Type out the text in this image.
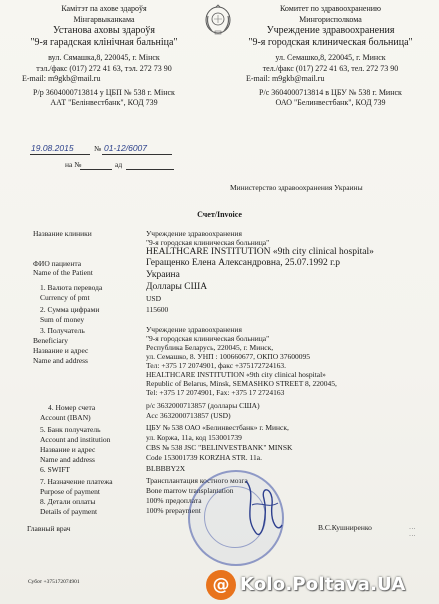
Камітэт па ахове здароўя
Мінгарвыканкама
Установа аховы здароўя
"9-я гарадская клінічная бальніца"
вул. Сямашка,8, 220045, г. Мінск
тэл./факс (017) 272 41 63, тэл. 272 73 90
E-mail: m9gkb@mail.ru
Р/р 3604000713814 у ЦБП № 538 г. Мінск
ААТ "Белінвестбанк", КОД 739
Комитет по здравоохранению
Мингорисполкома
Учреждение здравоохранения
"9-я городская клиническая больница"
ул. Семашко,8, 220045, г. Минск
тел./факс (017) 272 41 63, тел. 272 73 90
E-mail: m9gkb@mail.ru
Р/с 3604000713814 в ЦБУ № 538 г. Минск
ОАО "Белинвестбанк", КОД 739
19.08.2015	№ 01-12/6007
на №	ад
Министерство здравоохранения Украины
Счет/Invoice
Название клиники	Учреждение здравоохранения
"9-я городская клиническая больница"
HEALTHCARE INSTITUTION «9th city clinical hospital»
ФИО пациента
Name of the Patient
Геращенко Елена Александровна, 25.07.1992 г.р
Украина
1. Валюта перевода
Currency of pmt
Доллары США
USD
2. Сумма цифрами
Sum of money
115600
3. Получатель
Beneficiary
Название и адрес
Name and address
Учреждение здравоохранения
"9-я городская клиническая больница"
Республика Беларусь, 220045, г. Минск,
ул. Семашко, 8. УНП : 100660677, ОКПО 37600095
Тел: +375 17 2074901, факс +375172724163.
HEALTHCARE INSTITUTION «9th city clinical hospital»
Republic of Belarus, Minsk, SEMASHKO STREET 8, 220045,
Tel: +375 17 2074901, Fax: +375 17 2724163
4. Номер счета
Account (IBAN)
р/с 3632000713857 (доллары США)
Acc 3632000713857 (USD)
5. Банк получатель
Account and institution
Название и адрес
Name and address
ЦБУ № 538 ОАО «Белинвестбанк» г. Минск,
ул. Коржа, 11а, код 153001739
CBS № 538 JSC "BELINVESTBANK" MINSK
Code 153001739 KORZHA STR. 11a.
6. SWIFT	BLBBBY2X
7. Назначение платежа
Purpose of payment
Трансплантация костного мозга
Bone marrow transplantation
8. Детали оплаты
Details of payment
100% предоплата
100% prepayment
Главный врач	В.С.Кушниренко
Субот +375172074901
⋮⋮
@ Kolo.Poltava.UA
